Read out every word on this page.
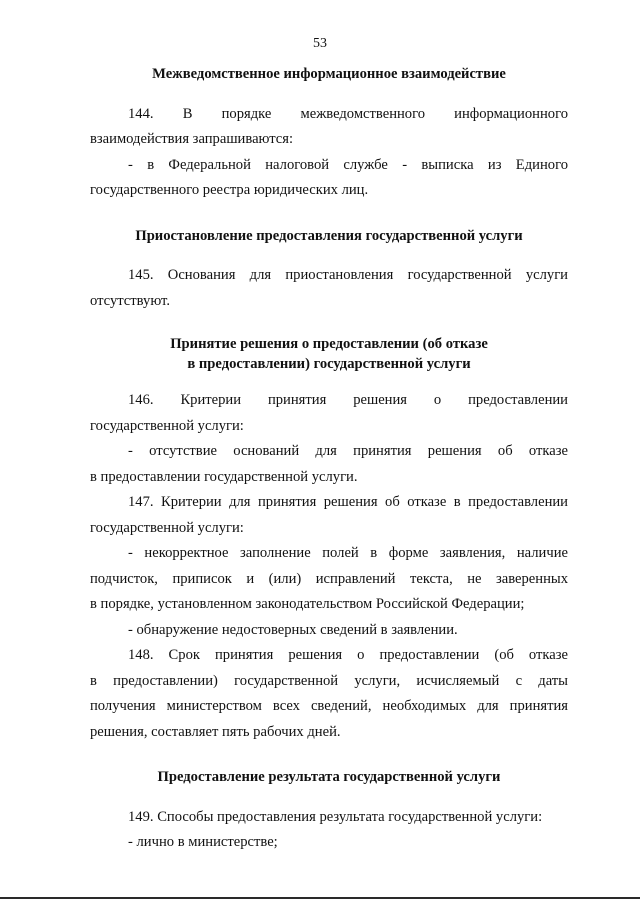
53

Межведомственное информационное взаимодействие

144. В порядке межведомственного информационного

взаимодействия запрашиваются:

- в Федеральной налоговой службе - выписка из Единого

государственного реестра юридических лиц.

Приостановление предоставления государственной услуги

145. Основания для приостановления государственной услуги

отсутствуют.

Принятие решения о предоставлении (об отказе

в предоставлении) государственной услуги

146. Критерии принятия решения о предоставлении

государственной услуги:

- отсутствие оснований для принятия решения об отказе

в предоставлении государственной услуги.

147. Критерии для принятия решения об отказе в предоставлении

государственной услуги:

- некорректное заполнение полей в форме заявления, наличие

подчисток, приписок и (или) исправлений текста, не заверенных

в порядке, установленном законодательством Российской Федерации;

- обнаружение недостоверных сведений в заявлении.

148. Срок принятия решения о предоставлении (об отказе

в предоставлении) государственной услуги, исчисляемый с даты

получения министерством всех сведений, необходимых для принятия

решения, составляет пять рабочих дней.

Предоставление результата государственной услуги

149. Способы предоставления результата государственной услуги:

- лично в министерстве;
